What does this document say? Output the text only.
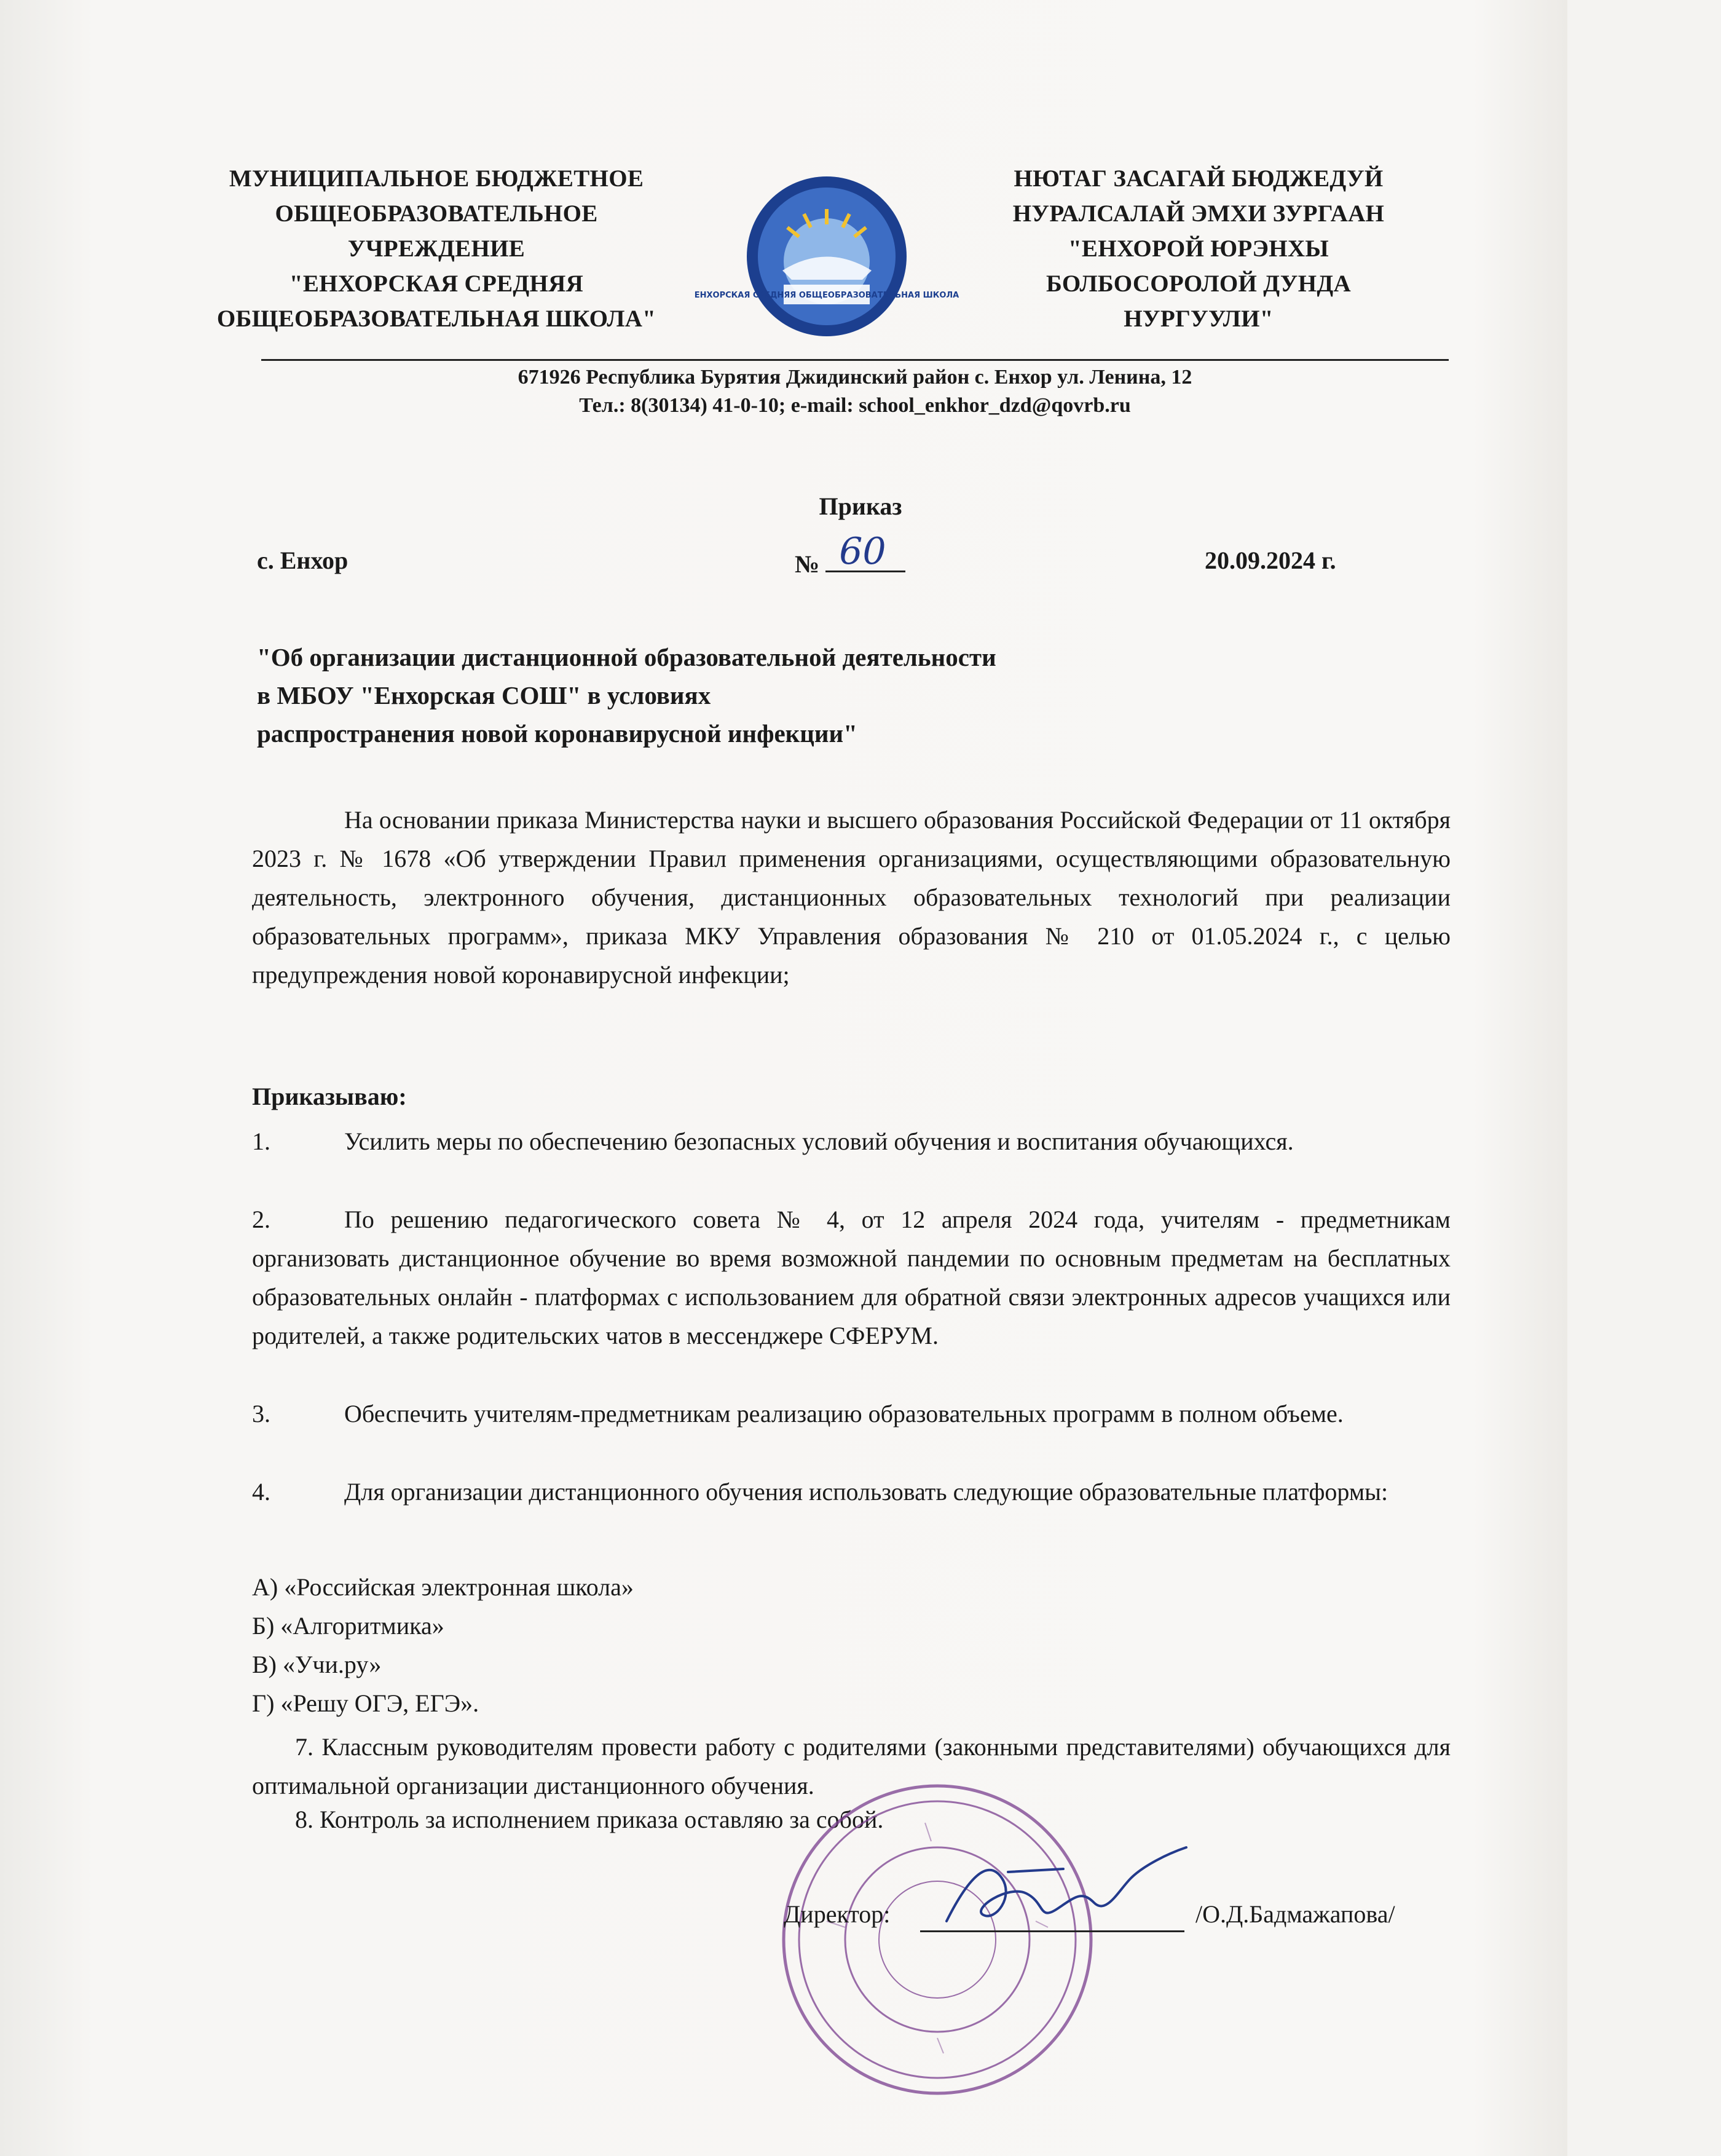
МУНИЦИПАЛЬНОЕ БЮДЖЕТНОЕ
ОБЩЕОБРАЗОВАТЕЛЬНОЕ
УЧРЕЖДЕНИЕ
"ЕНХОРСКАЯ СРЕДНЯЯ
ОБЩЕОБРАЗОВАТЕЛЬНАЯ ШКОЛА"
ЕНХОРСКАЯ СРЕДНЯЯ ОБЩЕОБРАЗОВАТЕЛЬНАЯ ШКОЛА
НЮТАГ ЗАСАГАЙ БЮДЖЕДУЙ
НУРАЛСАЛАЙ ЭМХИ ЗУРГААН
"ЕНХОРОЙ ЮРЭНХЫ
БОЛБОСОРОЛОЙ ДУНДА
НУРГУУЛИ"
671926 Республика Бурятия Джидинский район с. Енхор ул. Ленина, 12
Тел.: 8(30134) 41-0-10; e-mail: school_enkhor_dzd@qovrb.ru
Приказ
с. Енхор	№ 60	20.09.2024 г.
"Об организации дистанционной образовательной деятельности
в МБОУ "Енхорская СОШ" в условиях
распространения новой коронавирусной инфекции"
На основании приказа Министерства науки и высшего образования Российской Федерации от 11 октября 2023 г. № 1678 «Об утверждении Правил применения организациями, осуществляющими образовательную деятельность, электронного обучения, дистанционных образовательных технологий при реализации образовательных программ», приказа МКУ Управления образования № 210 от 01.05.2024 г., с целью предупреждения новой коронавирусной инфекции;
Приказываю:
1.	Усилить меры по обеспечению безопасных условий обучения и воспитания обучающихся.
2.	По решению педагогического совета № 4, от 12 апреля 2024 года, учителям - предметникам организовать дистанционное обучение во время возможной пандемии по основным предметам на бесплатных образовательных онлайн - платформах с использованием для обратной связи электронных адресов учащихся или родителей, а также родительских чатов в мессенджере СФЕРУМ.
3.	Обеспечить учителям-предметникам реализацию образовательных программ в полном объеме.
4.	Для организации дистанционного обучения использовать следующие образовательные платформы:
А) «Российская электронная школа»
Б) «Алгоритмика»
В) «Учи.ру»
Г) «Решу ОГЭ, ЕГЭ».
7. Классным руководителям провести работу с родителями (законными представителями) обучающихся для оптимальной организации дистанционного обучения.
8. Контроль за исполнением приказа оставляю за собой.
Директор:	/О.Д.Бадмажапова/
